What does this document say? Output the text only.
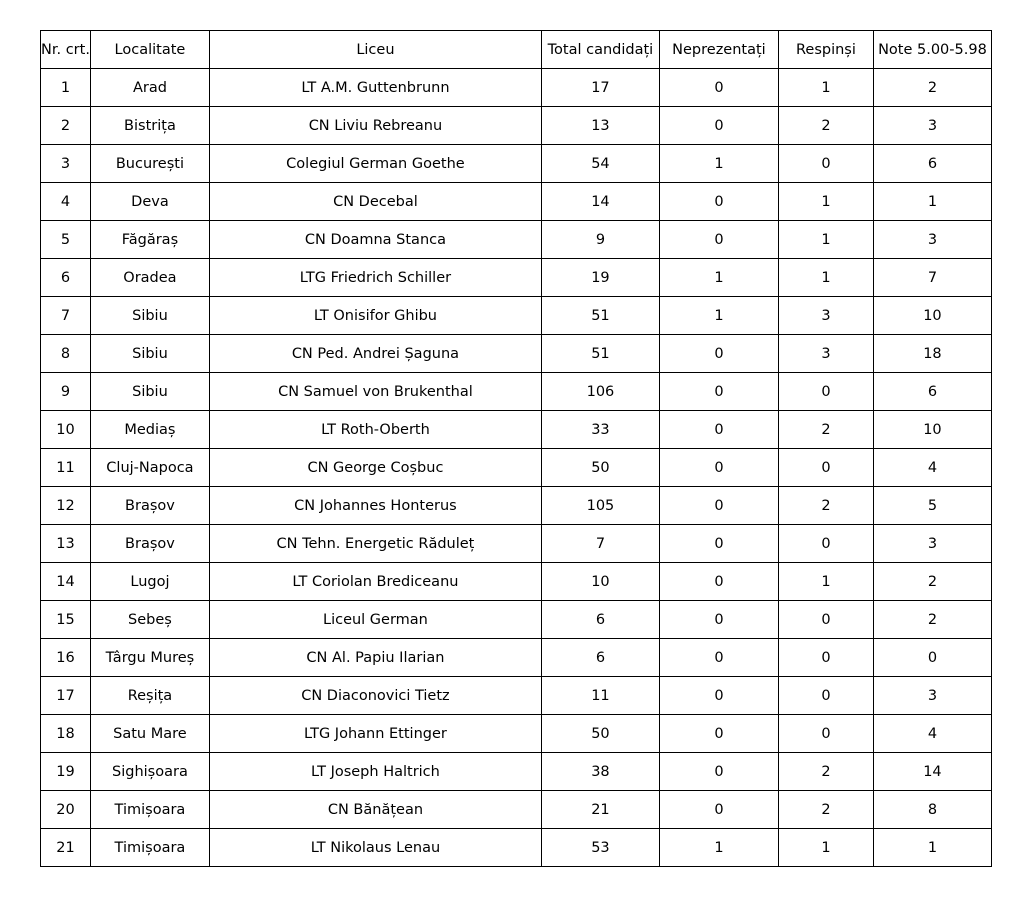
Nr. crt.	Localitate	Liceu	Total candidați	Neprezentați	Respinși	Note 5.00-5.98
1	Arad	LT A.M. Guttenbrunn	17	0	1	2
2	Bistrița	CN Liviu Rebreanu	13	0	2	3
3	București	Colegiul German Goethe	54	1	0	6
4	Deva	CN Decebal	14	0	1	1
5	Făgăraș	CN Doamna Stanca	9	0	1	3
6	Oradea	LTG Friedrich Schiller	19	1	1	7
7	Sibiu	LT Onisifor Ghibu	51	1	3	10
8	Sibiu	CN Ped. Andrei Șaguna	51	0	3	18
9	Sibiu	CN Samuel von Brukenthal	106	0	0	6
10	Mediaș	LT Roth-Oberth	33	0	2	10
11	Cluj-Napoca	CN George Coșbuc	50	0	0	4
12	Brașov	CN Johannes Honterus	105	0	2	5
13	Brașov	CN Tehn. Energetic Răduleț	7	0	0	3
14	Lugoj	LT Coriolan Brediceanu	10	0	1	2
15	Sebeș	Liceul German	6	0	0	2
16	Târgu Mureș	CN Al. Papiu Ilarian	6	0	0	0
17	Reșița	CN Diaconovici Tietz	11	0	0	3
18	Satu Mare	LTG Johann Ettinger	50	0	0	4
19	Sighișoara	LT Joseph Haltrich	38	0	2	14
20	Timișoara	CN Bănățean	21	0	2	8
21	Timișoara	LT Nikolaus Lenau	53	1	1	1
